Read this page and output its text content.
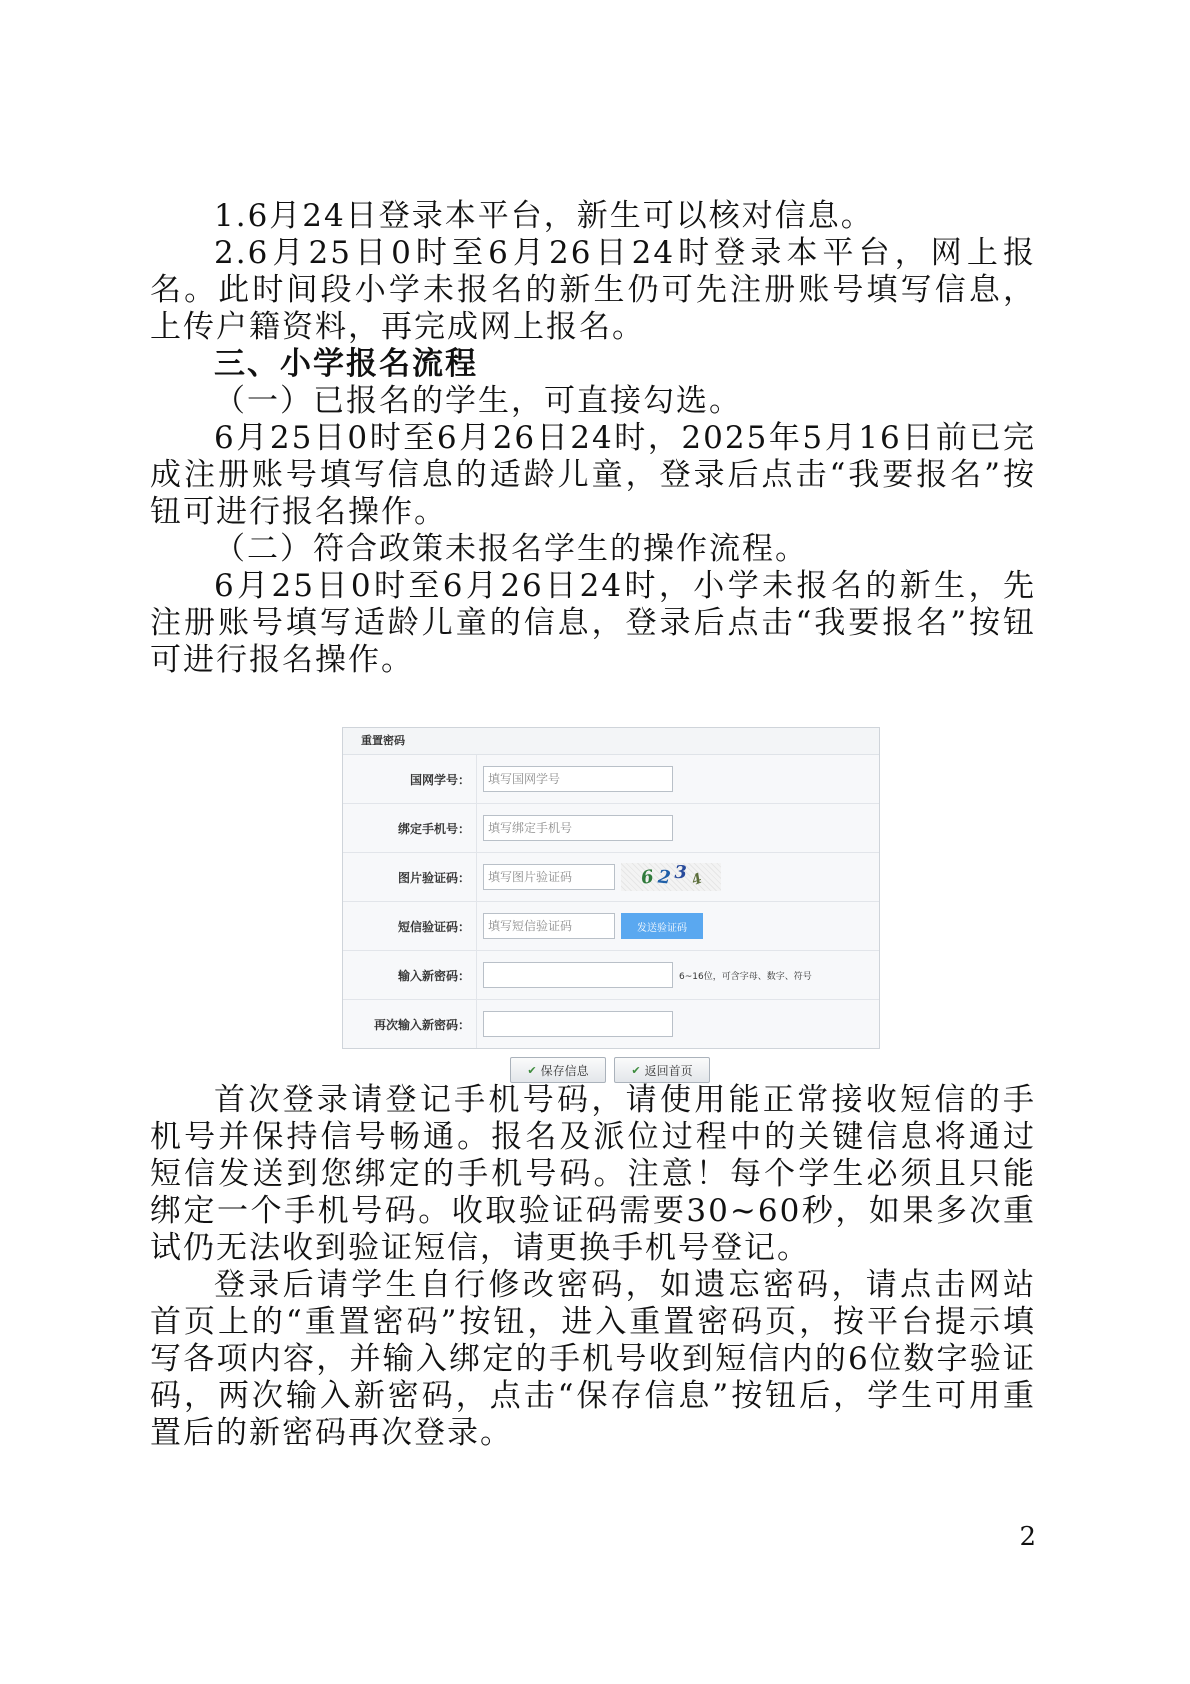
1.6月24日登录本平台，新生可以核对信息。

2.6月25日0时至6月26日24时登录本平台，网上报名。此时间段小学未报名的新生仍可先注册账号填写信息，上传户籍资料，再完成网上报名。

三、小学报名流程

（一）已报名的学生，可直接勾选。

6月25日0时至6月26日24时，2025年5月16日前已完成注册账号填写信息的适龄儿童，登录后点击“我要报名”按钮可进行报名操作。

（二）符合政策未报名学生的操作流程。

6月25日0时至6月26日24时，小学未报名的新生，先注册账号填写适龄儿童的信息，登录后点击“我要报名”按钮可进行报名操作。

重置密码
国网学号：
填写国网学号
绑定手机号：
填写绑定手机号
图片验证码：
填写图片验证码	6 2 3 4
短信验证码：
填写短信验证码	发送验证码
输入新密码：	6~16位，可含字母、数字、符号
再次输入新密码：
✔ 保存信息	✔ 返回首页

首次登录请登记手机号码，请使用能正常接收短信的手机号并保持信号畅通。报名及派位过程中的关键信息将通过短信发送到您绑定的手机号码。注意！每个学生必须且只能绑定一个手机号码。收取验证码需要30~60秒，如果多次重试仍无法收到验证短信，请更换手机号登记。

登录后请学生自行修改密码，如遗忘密码，请点击网站首页上的“重置密码”按钮，进入重置密码页，按平台提示填写各项内容，并输入绑定的手机号收到短信内的6位数字验证码，两次输入新密码，点击“保存信息”按钮后，学生可用重置后的新密码再次登录。

2
